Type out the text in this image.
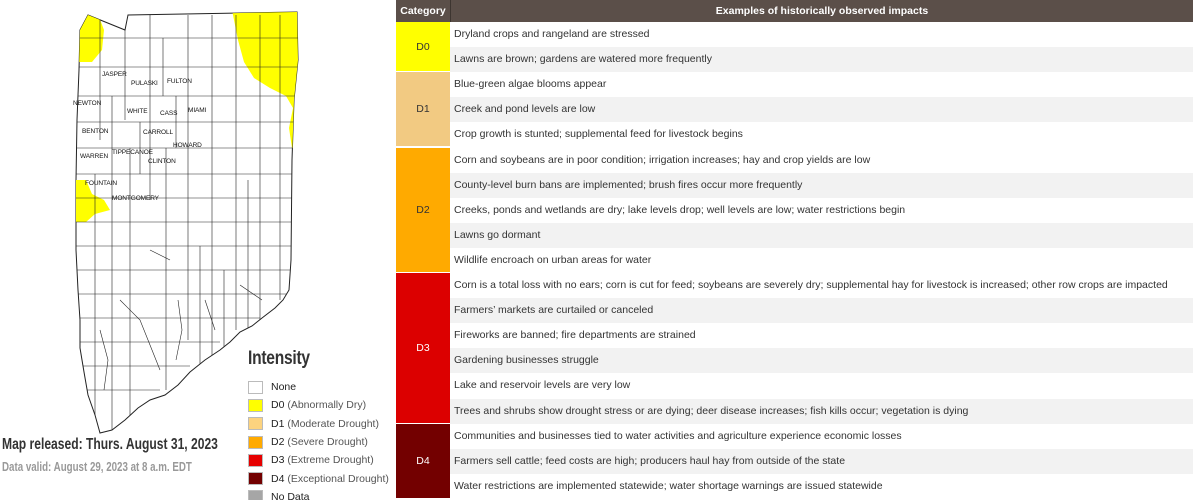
JASPER
PULASKI FULTON
NEWTON
WHITE CASS MIAMI
BENTON	CARROLL
HOWARD
WARREN
TIPPECANOE
CLINTON
FOUNTAIN
MONTGOMERY
Intensity
None
D0 (Abnormally Dry)
D1 (Moderate Drought)
D2 (Severe Drought)
D3 (Extreme Drought)
D4 (Exceptional Drought)
No Data
Map released: Thurs. August 31, 2023
Data valid: August 29, 2023 at 8 a.m. EDT
Category	Examples of historically observed impacts
D0
Dryland crops and rangeland are stressed
Lawns are brown; gardens are watered more frequently
D1
Blue-green algae blooms appear
Creek and pond levels are low
Crop growth is stunted; supplemental feed for livestock begins
D2
Corn and soybeans are in poor condition; irrigation increases; hay and crop yields are low
County-level burn bans are implemented; brush fires occur more frequently
Creeks, ponds and wetlands are dry; lake levels drop; well levels are low; water restrictions begin
Lawns go dormant
Wildlife encroach on urban areas for water
D3
Corn is a total loss with no ears; corn is cut for feed; soybeans are severely dry; supplemental hay for livestock is increased; other row crops are impacted
Farmers’ markets are curtailed or canceled
Fireworks are banned; fire departments are strained
Gardening businesses struggle
Lake and reservoir levels are very low
Trees and shrubs show drought stress or are dying; deer disease increases; fish kills occur; vegetation is dying
D4
Communities and businesses tied to water activities and agriculture experience economic losses
Farmers sell cattle; feed costs are high; producers haul hay from outside of the state
Water restrictions are implemented statewide; water shortage warnings are issued statewide
